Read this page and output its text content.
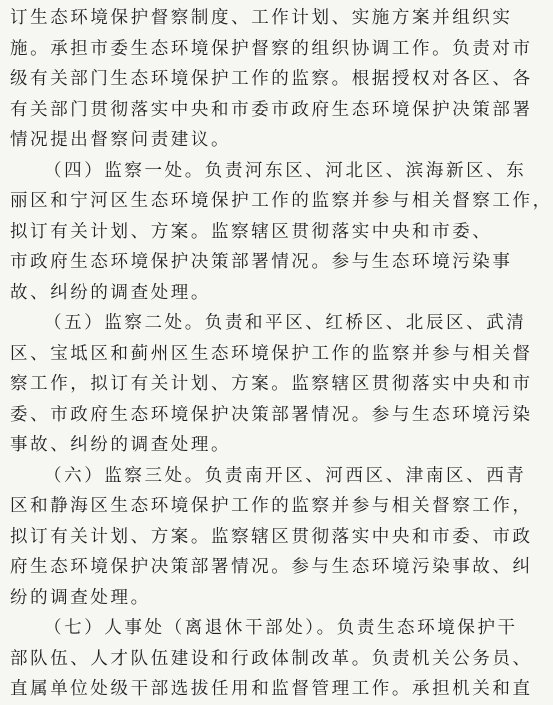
订生态环境保护督察制度、工作计划、实施方案并组织实
施。承担市委生态环境保护督察的组织协调工作。负责对市
级有关部门生态环境保护工作的监察。根据授权对各区、各
有关部门贯彻落实中央和市委市政府生态环境保护决策部署
情况提出督察问责建议。
（四）监察一处。负责河东区、河北区、滨海新区、东
丽区和宁河区生态环境保护工作的监察并参与相关督察工作，
拟订有关计划、方案。监察辖区贯彻落实中央和市委、
市政府生态环境保护决策部署情况。参与生态环境污染事
故、纠纷的调查处理。
（五）监察二处。负责和平区、红桥区、北辰区、武清
区、宝坻区和蓟州区生态环境保护工作的监察并参与相关督
察工作，拟订有关计划、方案。监察辖区贯彻落实中央和市
委、市政府生态环境保护决策部署情况。参与生态环境污染
事故、纠纷的调查处理。
（六）监察三处。负责南开区、河西区、津南区、西青
区和静海区生态环境保护工作的监察并参与相关督察工作，
拟订有关计划、方案。监察辖区贯彻落实中央和市委、市政
府生态环境保护决策部署情况。参与生态环境污染事故、纠
纷的调查处理。
（七）人事处（离退休干部处）。负责生态环境保护干
部队伍、人才队伍建设和行政体制改革。负责机关公务员、
直属单位处级干部选拔任用和监督管理工作。承担机关和直
